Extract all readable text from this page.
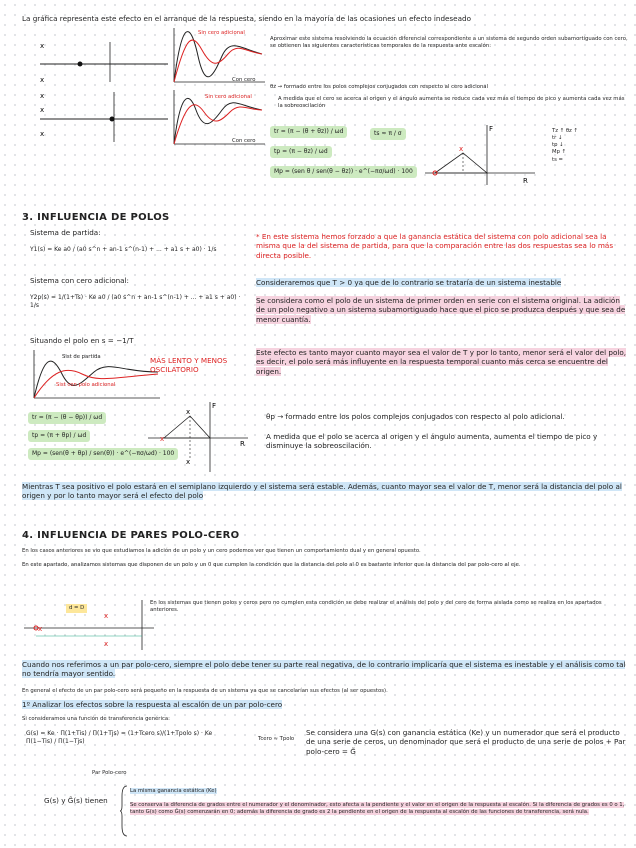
La gráfica representa este efecto en el arranque de la respuesta, siendo en la mayoría de las ocasiones un efecto indeseado
x
x
x
x
x
Sin cero adicional
Con cero
Sin cero adicional
Con cero
Aproximar este sistema resolviendo la ecuación diferencial correspondiente a un sistema de segundo orden subamortiguado con cero, se obtienen las siguientes características temporales de la respuesta ante escalón:
θz → formado entre los polos complejos conjugados con respecto al cero adicional
A medida que el cero se acerca al origen y el ángulo aumenta se reduce cada vez más el tiempo de pico y aumenta cada vez más la sobreoscilación
tr = (π − (θ + θz)) / ωd	ts ≈ π / σ
tp = (π − θz) / ωd
Mp = (sen θ / sen(θ − θz)) · e^(−πσ/ωd) · 100
x
R
F	Tz ↑ θz ↑
tr ↓
tp ↓
Mp ↑
ts =
3. INFLUENCIA DE POLOS
Sistema de partida:
Y1(s) = Ke a0 / (a0 s^n + an-1 s^(n-1) + ... + a1 s + a0) · 1/s
Sistema con cero adicional:
Y2p(s) = 1/(1+Ts) · Ke a0 / (a0 s^n + an-1 s^(n-1) + ... + a1 s + a0) · 1/s
Situando el polo en s = −1/T
Sist de partida
Sist con polo adicional
MÁS LENTO Y MENOS OSCILATORIO
* En este sistema hemos forzado a que la ganancia estática del sistema con polo adicional sea la misma que la del sistema de partida, para que la comparación entre las dos respuestas sea lo más directa posible.
Consideraremos que T > 0 ya que de lo contrario se trataría de un sistema inestable
Se considera como el polo de un sistema de primer orden en serie con el sistema original. La adición de un polo negativo a un sistema subamortiguado hace que el pico se produzca después y que sea de menor cuantía.
Este efecto es tanto mayor cuanto mayor sea el valor de T y por lo tanto, menor será el valor del polo, es decir, el polo será más influyente en la respuesta temporal cuanto más cerca se encuentre del origen.
tr = (π − (θ − θp)) / ωd
tp = (π + θp) / ωd
Mp = (sen(θ + θp) / sen(θ)) · e^(−πσ/ωd) · 100
x
x
x
F
R
θp → formado entre los polos complejos conjugados con respecto al polo adicional.
A medida que el polo se acerca al origen y el ángulo aumenta, aumenta el tiempo de pico y disminuye la sobreoscilación.
Mientras T sea positivo el polo estará en el semiplano izquierdo y el sistema será estable. Además, cuanto mayor sea el valor de T, menor será la distancia del polo al origen y por lo tanto mayor será el efecto del polo
4. INFLUENCIA DE PARES POLO-CERO
En los casos anteriores se vio que estudiamos la adición de un polo y un cero podemos ver que tienen un comportamiento dual y en general opuesto.
En este apartado, analizamos sistemas que disponen de un polo y un 0 que cumplen la condición que la distancia del polo al 0 es bastante inferior que la distancia del par polo-cero al eje.
x
x
x
d = D
En los sistemas que tienen polos y ceros pero no cumplen esta condición se debe realizar el análisis del polo y del cero de forma aislada como se realiza en los apartados anteriores.
Cuando nos referimos a un par polo-cero, siempre el polo debe tener su parte real negativa, de lo contrario implicaría que el sistema es inestable y el análisis como tal no tendría mayor sentido.
En general el efecto de un par polo-cero será pequeño en la respuesta de un sistema ya que se cancelarían sus efectos (al ser opuestos).
1º Analizar los efectos sobre la respuesta al escalón de un par polo-cero
Si consideramos una función de transferencia genérica:
G(s) = Ke · Π(1+Tis) / Π(1+Tjs) = (1+Tcero s)/(1+Tpolo s) · Ke Π(1−Tis) / Π(1−Tjs)
Par Polo-cero
Tcero ≈ Tpolo
Se considera una G(s) con ganancia estática (Ke) y un numerador que será el producto de una serie de ceros, un denominador que será el producto de una serie de polos + Par polo-cero = G̃
G(s) y G̃(s) tienen
La misma ganancia estática (Ke)
Se conserva la diferencia de grados entre el numerador y el denominador, esto afecta a la pendiente y el valor en el origen de la respuesta al escalón. Si la diferencia de grados es 0 o 1, tanto G(s) como G̃(s) comenzarán en 0; además la diferencia de grado es 2 la pendiente en el origen de la respuesta al escalón de las funciones de transferencia, será nula.
